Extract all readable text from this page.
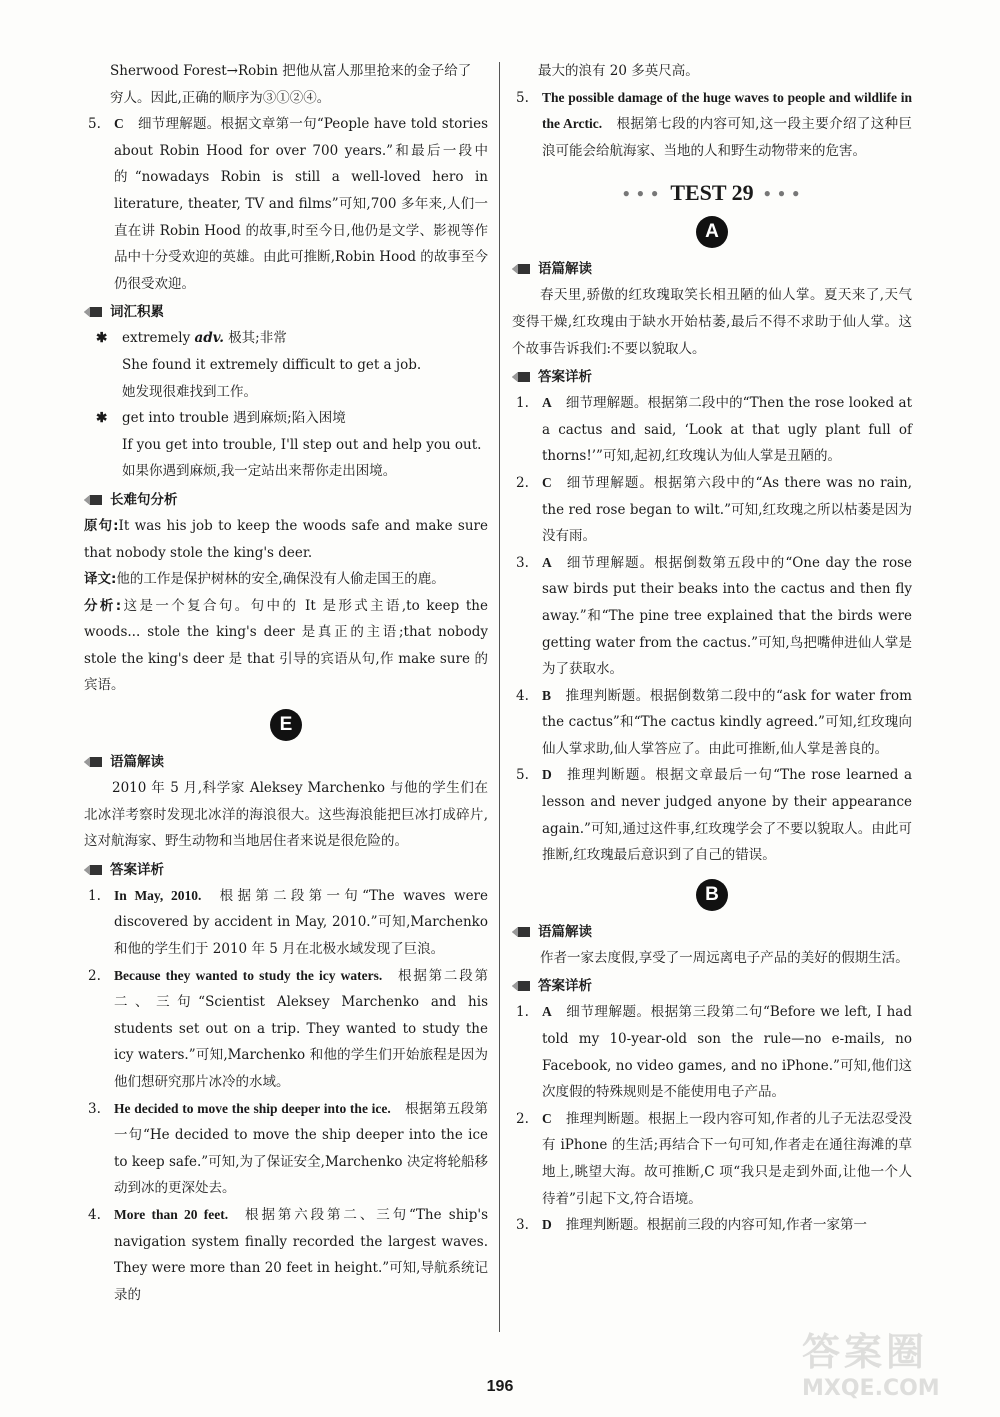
Sherwood Forest→Robin 把他从富人那里抢来的金子给了

穷人。因此,正确的顺序为③①②④。

5. C 细节理解题。根据文章第一句“People have told stories about Robin Hood for over 700 years.”和最后一段中的“nowadays Robin is still a well-loved hero in literature, theater, TV and films”可知,700 多年来,人们一直在讲 Robin Hood 的故事,时至今日,他仍是文学、影视等作品中十分受欢迎的英雄。由此可推断,Robin Hood 的故事至今仍很受欢迎。
词汇积累
✱	extremely adv. 极其;非常

She found it extremely difficult to get a job.

她发现很难找到工作。

✱	get into trouble 遇到麻烦;陷入困境

If you get into trouble, I'll step out and help you out.

如果你遇到麻烦,我一定站出来帮你走出困境。

长难句分析

原句:It was his job to keep the woods safe and make sure that nobody stole the king's deer.

译文:他的工作是保护树林的安全,确保没有人偷走国王的鹿。

分析:这是一个复合句。句中的 It 是形式主语,to keep the woods... stole the king's deer 是真正的主语;that nobody stole the king's deer 是 that 引导的宾语从句,作 make sure 的宾语。

E
语篇解读

2010 年 5 月,科学家 Aleksey Marchenko 与他的学生们在北冰洋考察时发现北冰洋的海浪很大。这些海浪能把巨冰打成碎片,这对航海家、野生动物和当地居住者来说是很危险的。

答案详析
1. In May, 2010. 根据第二段第一句“The waves were discovered by accident in May, 2010.”可知,Marchenko 和他的学生们于 2010 年 5 月在北极水域发现了巨浪。
2. Because they wanted to study the icy waters. 根据第二段第二、三句“Scientist Aleksey Marchenko and his students set out on a trip. They wanted to study the icy waters.”可知,Marchenko 和他的学生们开始旅程是因为他们想研究那片冰冷的水域。
3. He decided to move the ship deeper into the ice. 根据第五段第一句“He decided to move the ship deeper into the ice to keep safe.”可知,为了保证安全,Marchenko 决定将轮船移动到冰的更深处去。
4. More than 20 feet. 根据第六段第二、三句“The ship's navigation system finally recorded the largest waves. They were more than 20 feet in height.”可知,导航系统记录的

最大的浪有 20 多英尺高。

5. The possible damage of the huge waves to people and wildlife in the Arctic. 根据第七段的内容可知,这一段主要介绍了这种巨浪可能会给航海家、当地的人和野生动物带来的危害。
● ● ● TEST 29 ● ● ●
A
语篇解读

春天里,骄傲的红玫瑰取笑长相丑陋的仙人掌。夏天来了,天气变得干燥,红玫瑰由于缺水开始枯萎,最后不得不求助于仙人掌。这个故事告诉我们:不要以貌取人。

答案详析
1. A 细节理解题。根据第二段中的“Then the rose looked at a cactus and said, ‘Look at that ugly plant full of thorns!’”可知,起初,红玫瑰认为仙人掌是丑陋的。
2. C 细节理解题。根据第六段中的“As there was no rain, the red rose began to wilt.”可知,红玫瑰之所以枯萎是因为没有雨。
3. A 细节理解题。根据倒数第五段中的“One day the rose saw birds put their beaks into the cactus and then fly away.”和“The pine tree explained that the birds were getting water from the cactus.”可知,鸟把嘴伸进仙人掌是为了获取水。
4. B 推理判断题。根据倒数第二段中的“ask for water from the cactus”和“The cactus kindly agreed.”可知,红玫瑰向仙人掌求助,仙人掌答应了。由此可推断,仙人掌是善良的。
5. D 推理判断题。根据文章最后一句“The rose learned a lesson and never judged anyone by their appearance again.”可知,通过这件事,红玫瑰学会了不要以貌取人。由此可推断,红玫瑰最后意识到了自己的错误。
B
语篇解读

作者一家去度假,享受了一周远离电子产品的美好的假期生活。

答案详析
1. A 细节理解题。根据第三段第二句“Before we left, I had told my 10-year-old son the rule—no e-mails, no Facebook, no video games, and no iPhone.”可知,他们这次度假的特殊规则是不能使用电子产品。
2. C 推理判断题。根据上一段内容可知,作者的儿子无法忍受没有 iPhone 的生活;再结合下一句可知,作者走在通往海滩的草地上,眺望大海。故可推断,C 项“我只是走到外面,让他一个人待着”引起下文,符合语境。
3. D 推理判断题。根据前三段的内容可知,作者一家第一
196
答案圈
MXQE.COM
